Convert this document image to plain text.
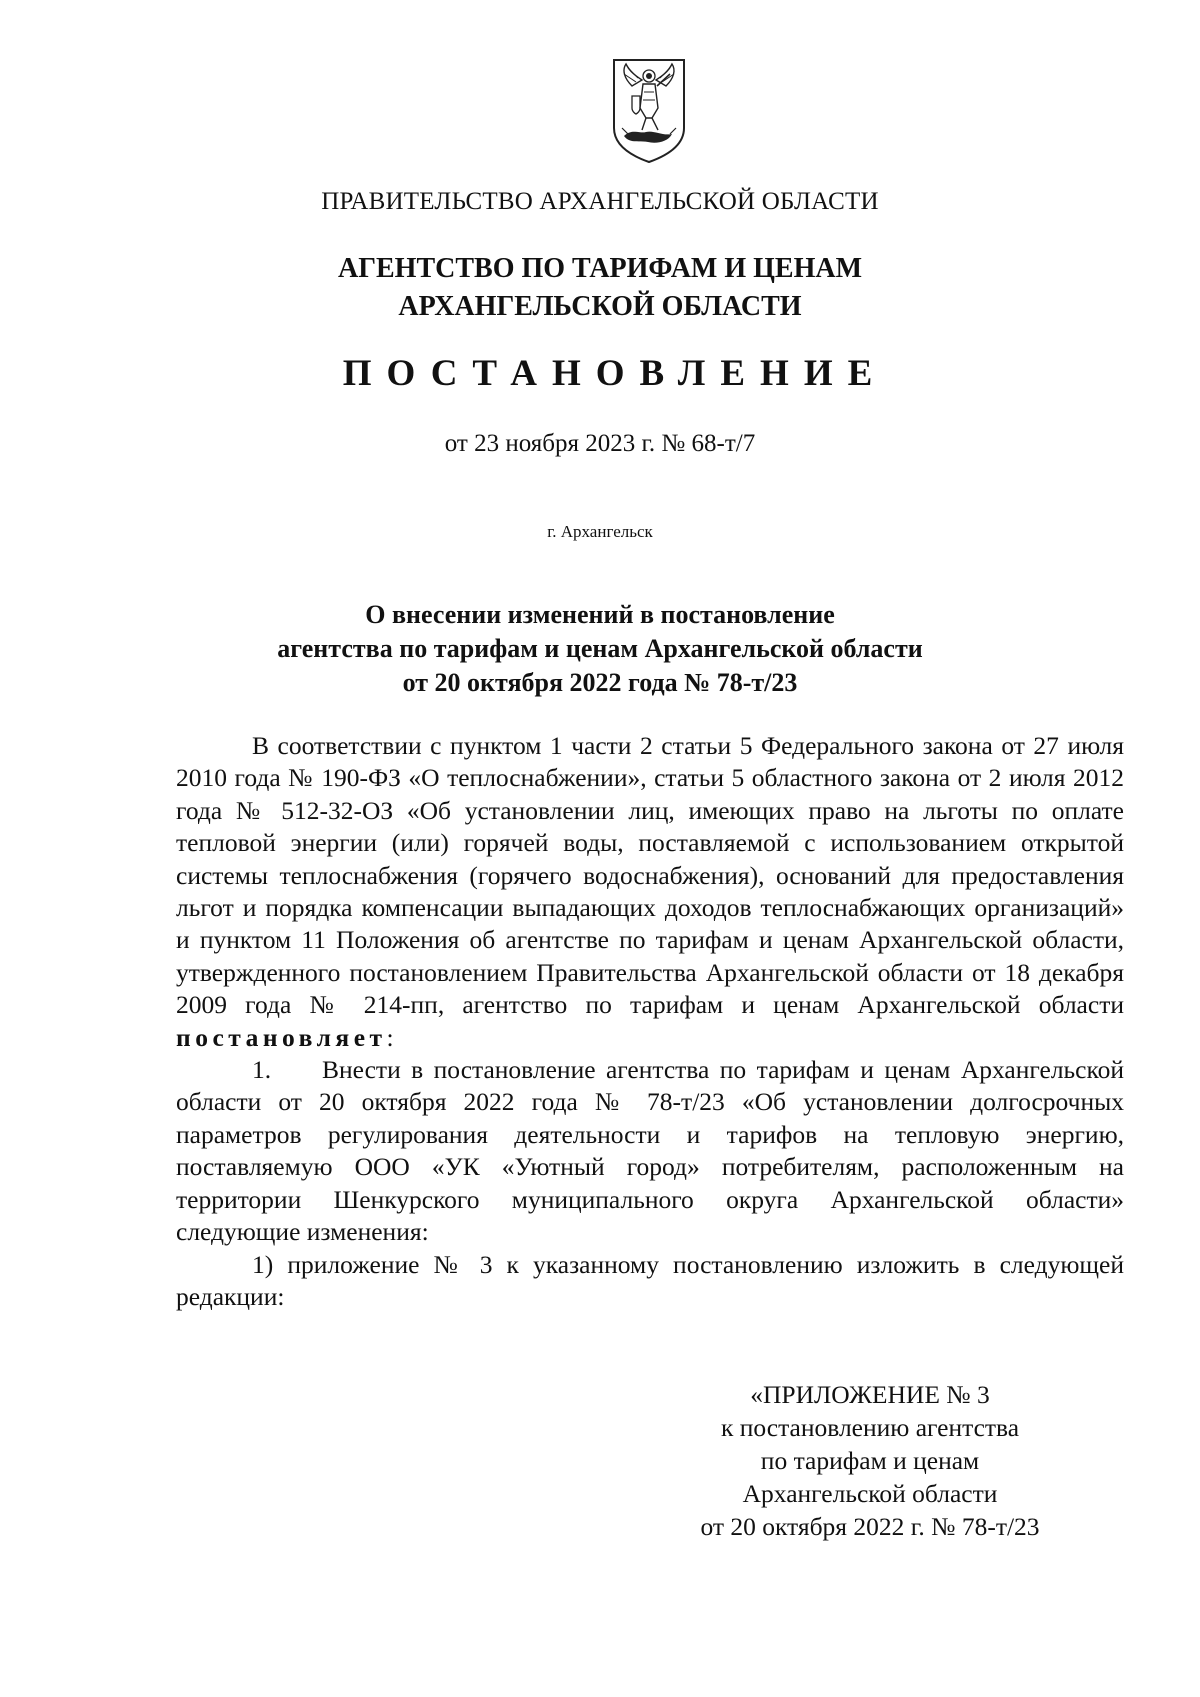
ПРАВИТЕЛЬСТВО АРХАНГЕЛЬСКОЙ ОБЛАСТИ
АГЕНТСТВО ПО ТАРИФАМ И ЦЕНАМ
АРХАНГЕЛЬСКОЙ ОБЛАСТИ
ПОСТАНОВЛЕНИЕ
от 23 ноября 2023 г. № 68-т/7
г. Архангельск
О внесении изменений в постановление
агентства по тарифам и ценам Архангельской области
от 20 октября 2022 года № 78-т/23

В соответствии с пунктом 1 части 2 статьи 5 Федерального закона от 27 июля 2010 года № 190-ФЗ «О теплоснабжении», статьи 5 областного закона от 2 июля 2012 года № 512-32-ОЗ «Об установлении лиц, имеющих право на льготы по оплате тепловой энергии (или) горячей воды, поставляемой с использованием открытой системы теплоснабжения (горячего водоснабжения), оснований для предоставления льгот и порядка компенсации выпадающих доходов теплоснабжающих организаций» и пунктом 11 Положения об агентстве по тарифам и ценам Архангельской области, утвержденного постановлением Правительства Архангельской области от 18 декабря 2009 года № 214-пп, агентство по тарифам и ценам Архангельской области постановляет:

1. Внести в постановление агентства по тарифам и ценам Архангельской области от 20 октября 2022 года № 78-т/23 «Об установлении долгосрочных параметров регулирования деятельности и тарифов на тепловую энергию, поставляемую ООО «УК «Уютный город» потребителям, расположенным на территории Шенкурского муниципального округа Архангельской области» следующие изменения:

1) приложение № 3 к указанному постановлению изложить в следующей редакции:

«ПРИЛОЖЕНИЕ № 3
к постановлению агентства
по тарифам и ценам
Архангельской области
от 20 октября 2022 г. № 78-т/23
